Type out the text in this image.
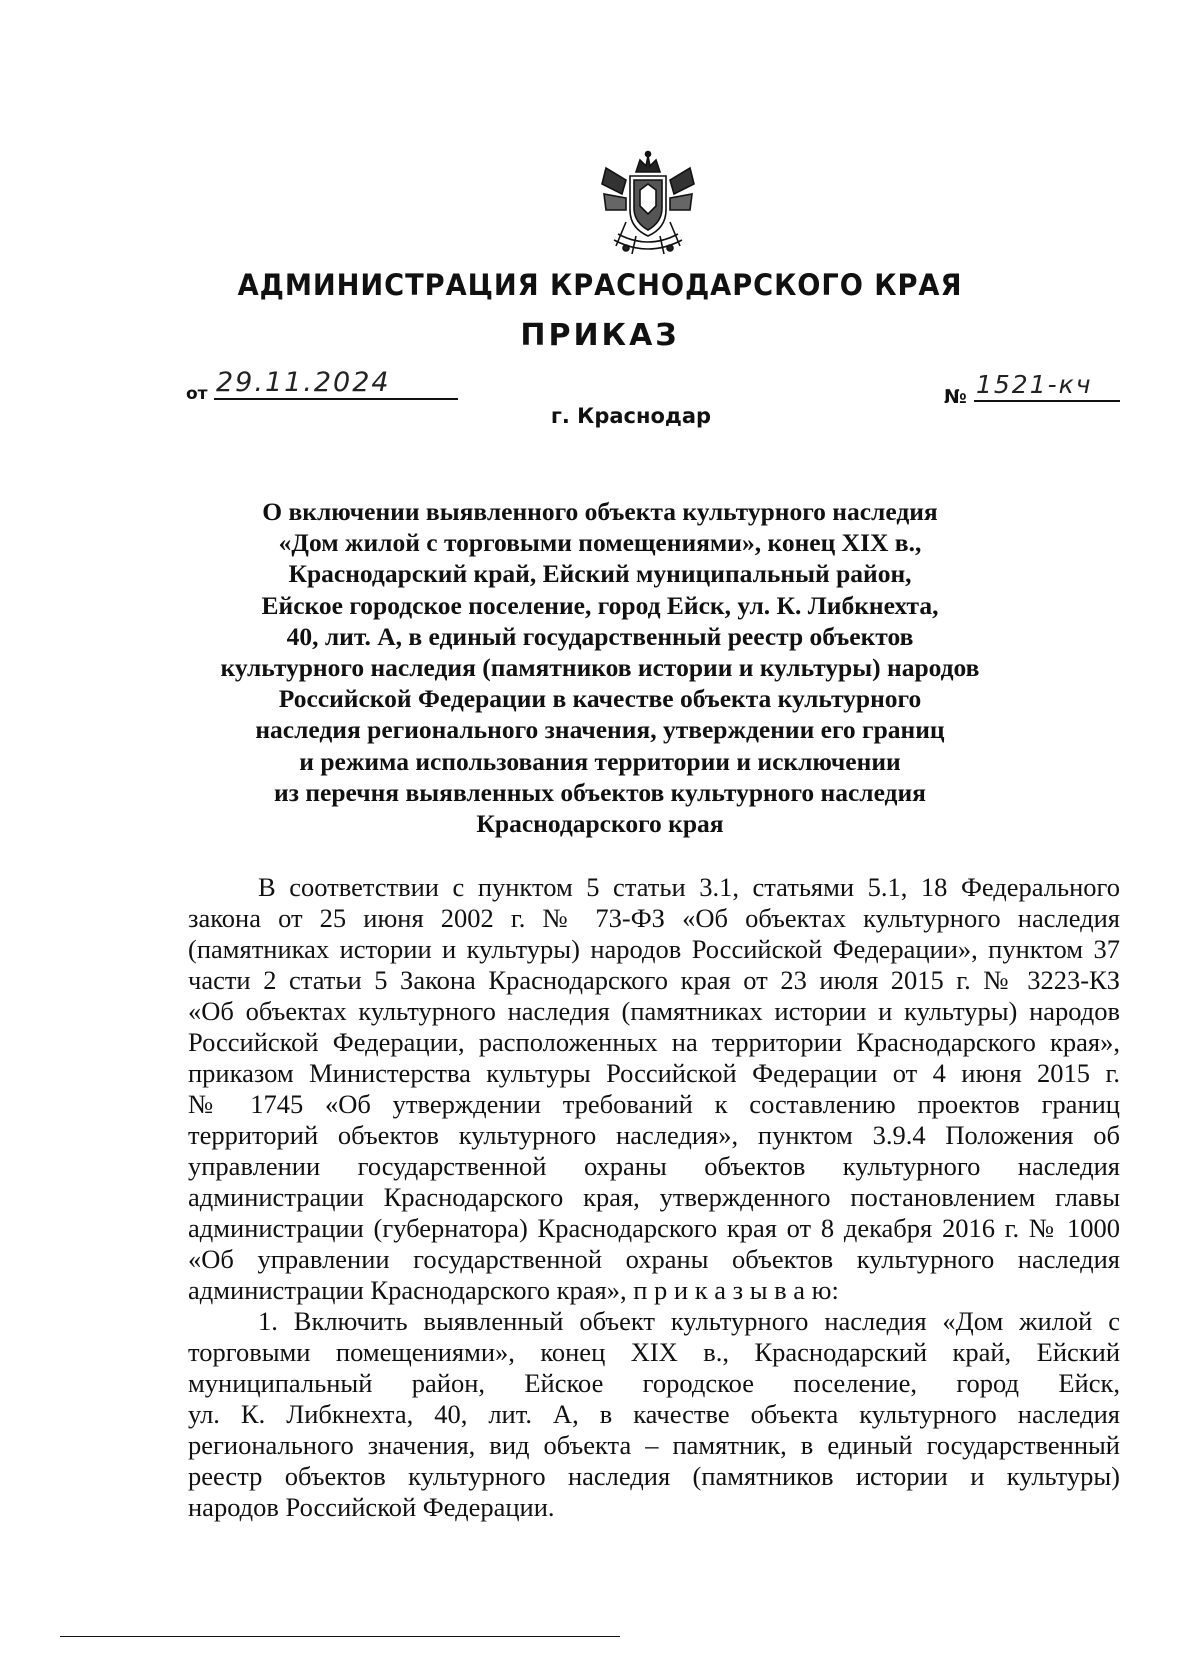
АДМИНИСТРАЦИЯ КРАСНОДАРСКОГО КРАЯ
ПРИКАЗ
от 29.11.2024	№ 1521-кч
г. Краснодар
О включении выявленного объекта культурного наследия
«Дом жилой с торговыми помещениями», конец XIX в.,
Краснодарский край, Ейский муниципальный район,
Ейское городское поселение, город Ейск, ул. К. Либкнехта,
40, лит. А, в единый государственный реестр объектов
культурного наследия (памятников истории и культуры) народов
Российской Федерации в качестве объекта культурного
наследия регионального значения, утверждении его границ
и режима использования территории и исключении
из перечня выявленных объектов культурного наследия
Краснодарского края
В соответствии с пунктом 5 статьи 3.1, статьями 5.1, 18 Федерального
закона от 25 июня 2002 г. № 73-ФЗ «Об объектах культурного наследия
(памятниках истории и культуры) народов Российской Федерации», пунктом 37
части 2 статьи 5 Закона Краснодарского края от 23 июля 2015 г. № 3223-КЗ
«Об объектах культурного наследия (памятниках истории и культуры) народов
Российской Федерации, расположенных на территории Краснодарского края»,
приказом Министерства культуры Российской Федерации от 4 июня 2015 г.
№ 1745 «Об утверждении требований к составлению проектов границ
территорий объектов культурного наследия», пунктом 3.9.4 Положения об
управлении государственной охраны объектов культурного наследия
администрации Краснодарского края, утвержденного постановлением главы
администрации (губернатора) Краснодарского края от 8 декабря 2016 г. № 1000
«Об управлении государственной охраны объектов культурного наследия
администрации Краснодарского края», п р и к а з ы в а ю:
1. Включить выявленный объект культурного наследия «Дом жилой с
торговыми помещениями», конец XIX в., Краснодарский край, Ейский
муниципальный район, Ейское городское поселение, город Ейск,
ул. К. Либкнехта, 40, лит. А, в качестве объекта культурного наследия
регионального значения, вид объекта – памятник, в единый государственный
реестр объектов культурного наследия (памятников истории и культуры)
народов Российской Федерации.
